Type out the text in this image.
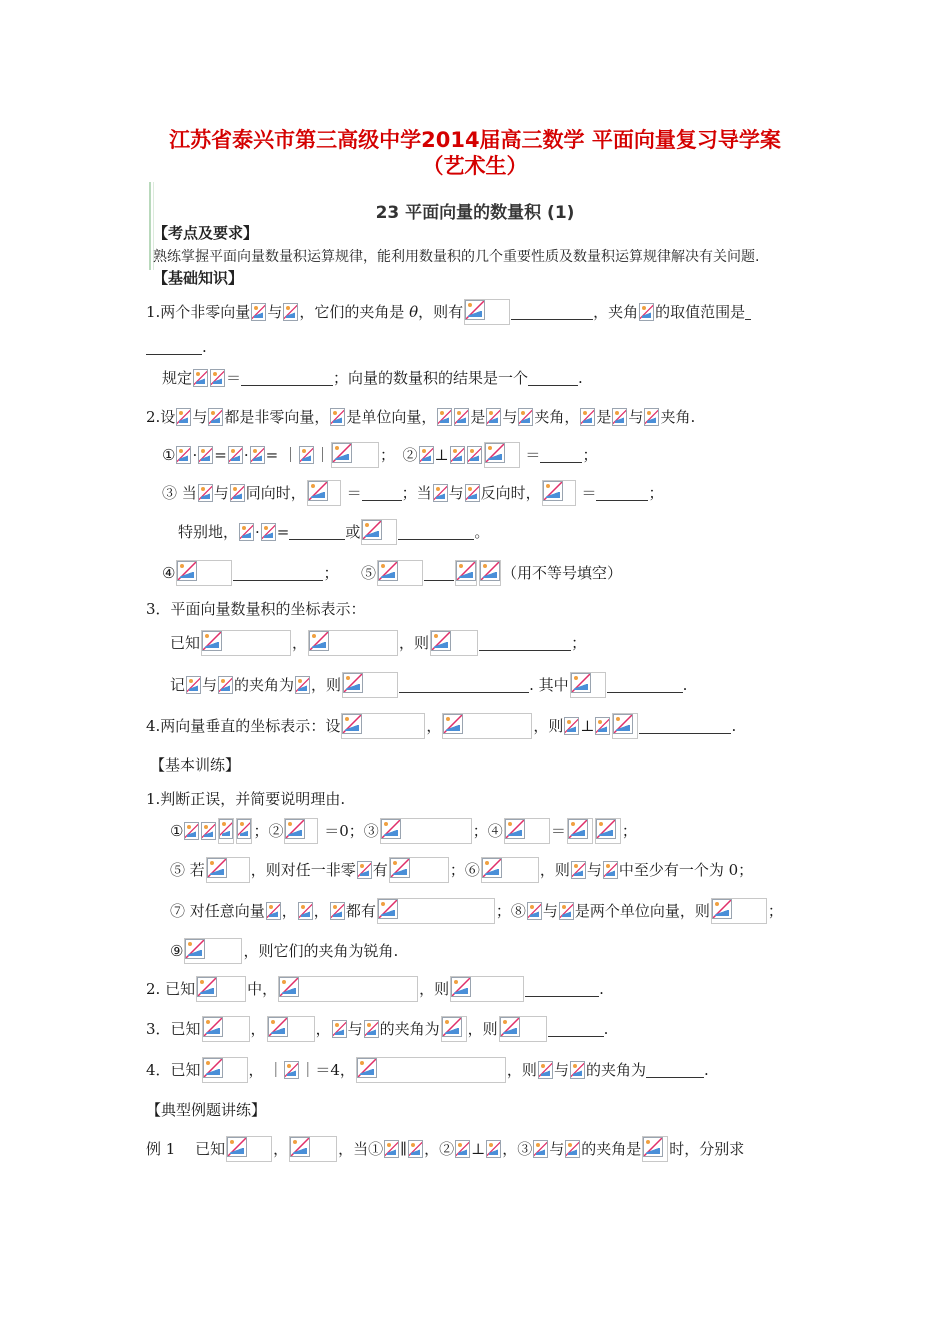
江苏省泰兴市第三高级中学2014届高三数学 平面向量复习导学案
（艺术生）
23 平面向量的数量积 (1)
【考点及要求】
熟练掌握平面向量数量积运算规律，能利用数量积的几个重要性质及数量积运算规律解决有关问题.
【基础知识】
1.两个非零向量 与 ，它们的夹角是 θ，则有	，夹角 的取值范围是
.
规定 ＝	；向量的数量积的结果是一个	.
2.设 与 都是非零向量， 是单位向量， 是 与 夹角， 是 与 夹角.
① · = · = ｜ ｜	；　 ② ⊥	＝	；
③ 当 与 同向时，	＝	；当 与 反向时，	＝	；
特别地， · =	或	。
④	；　　 ⑤	（用不等号填空）
3．平面向量数量积的坐标表示：
已知	，	，则	；
记 与 的夹角为 ，则	. 其中	.
4.两向量垂直的坐标表示：设	，	，则 ⊥	.
【基本训练】
1.判断正误，并简要说明理由.
①	；②	＝0；③	；④	＝	；
⑤ 若	，则对任一非零 有	；⑥	，则 与 中至少有一个为 0；
⑦ 对任意向量 ， ， 都有	；⑧ 与 是两个单位向量，则	；
⑨	，则它们的夹角为锐角.
2. 已知	中，	，则	.
3．已知	，	， 与 的夹角为 ，则	.
4．已知	， ｜ ｜＝4，	，则 与 的夹角为	.
【典型例题讲练】
例 1　 已知	，	，当① ∥ ，② ⊥ ，③ 与 的夹角是 时，分别求
